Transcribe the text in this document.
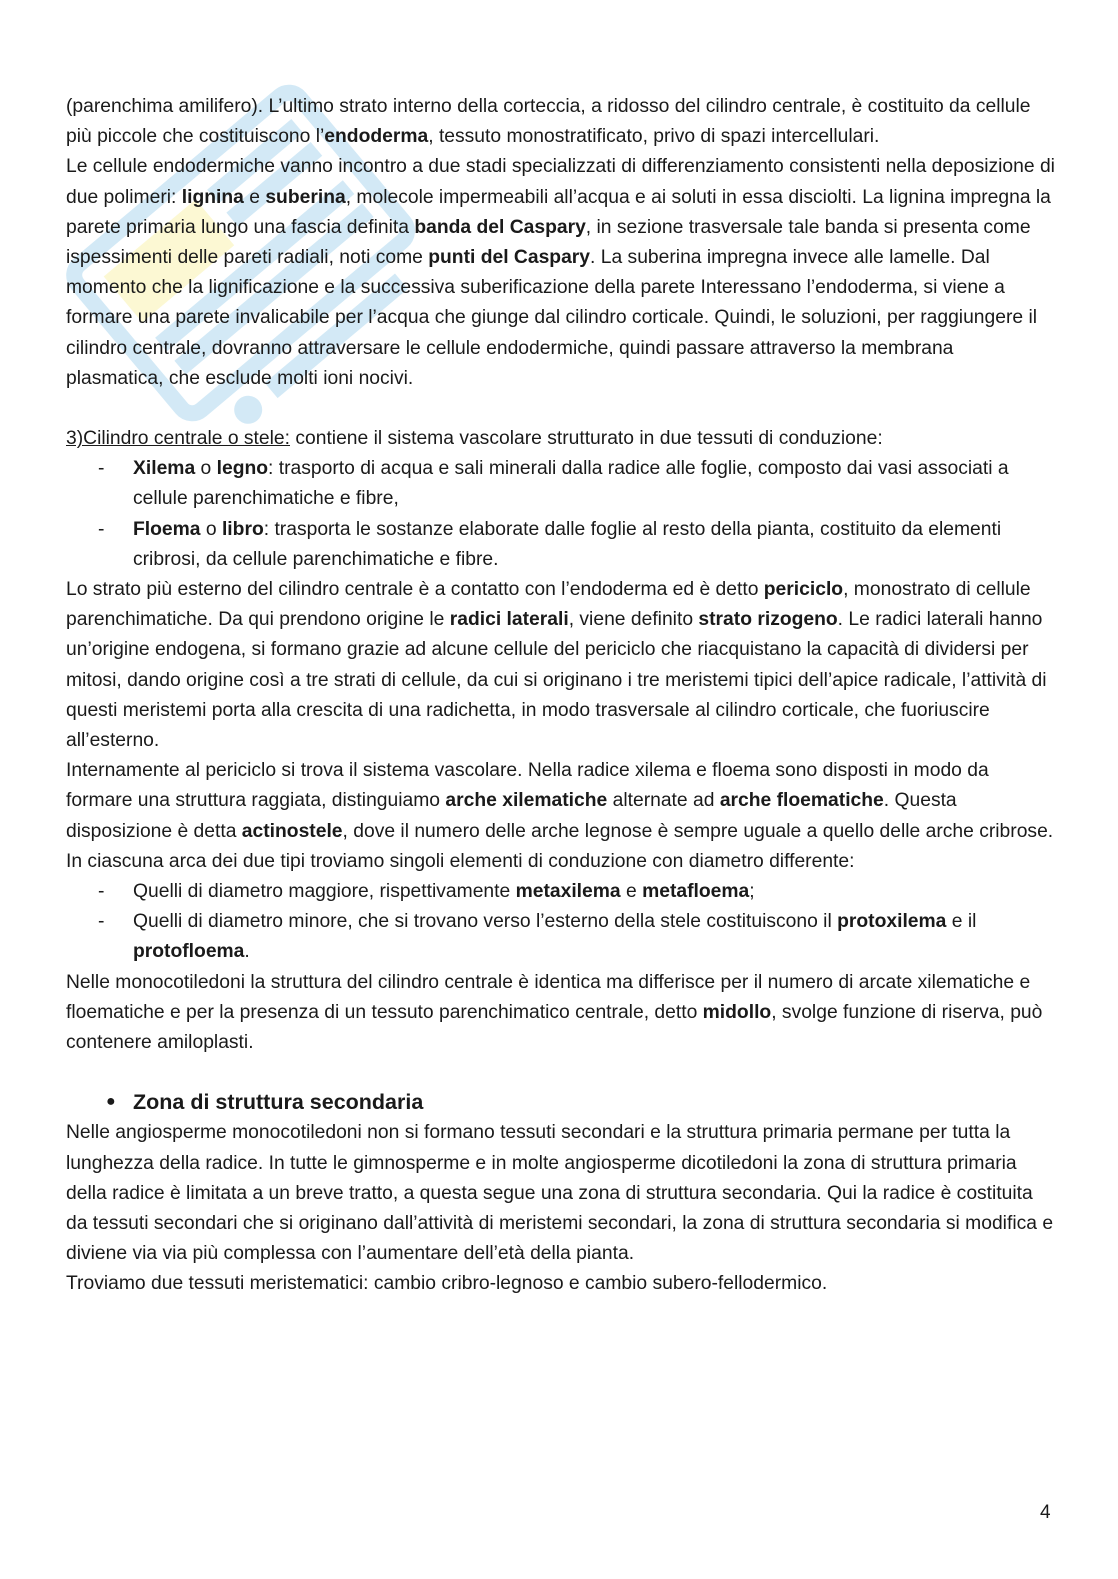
(parenchima amilifero). L’ultimo strato interno della corteccia, a ridosso del cilindro centrale, è costituito da cellule più piccole che costituiscono l’endoderma, tessuto monostratificato, privo di spazi intercellulari.

Le cellule endodermiche vanno incontro a due stadi specializzati di differenziamento consistenti nella deposizione di due polimeri: lignina e suberina, molecole impermeabili all’acqua e ai soluti in essa disciolti. La lignina impregna la parete primaria lungo una fascia definita banda del Caspary, in sezione trasversale tale banda si presenta come ispessimenti delle pareti radiali, noti come punti del Caspary. La suberina impregna invece alle lamelle. Dal momento che la lignificazione e la successiva suberificazione della parete Interessano l’endoderma, si viene a formare una parete invalicabile per l’acqua che giunge dal cilindro corticale. Quindi, le soluzioni, per raggiungere il cilindro centrale, dovranno attraversare le cellule endodermiche, quindi passare attraverso la membrana plasmatica, che esclude molti ioni nocivi.

3)Cilindro centrale o stele: contiene il sistema vascolare strutturato in due tessuti di conduzione:

- Xilema o legno: trasporto di acqua e sali minerali dalla radice alle foglie, composto dai vasi associati a cellule parenchimatiche e fibre,
- Floema o libro: trasporta le sostanze elaborate dalle foglie al resto della pianta, costituito da elementi cribrosi, da cellule parenchimatiche e fibre.

Lo strato più esterno del cilindro centrale è a contatto con l’endoderma ed è detto periciclo, monostrato di cellule parenchimatiche. Da qui prendono origine le radici laterali, viene definito strato rizogeno. Le radici laterali hanno un’origine endogena, si formano grazie ad alcune cellule del periciclo che riacquistano la capacità di dividersi per mitosi, dando origine così a tre strati di cellule, da cui si originano i tre meristemi tipici dell’apice radicale, l’attività di questi meristemi porta alla crescita di una radichetta, in modo trasversale al cilindro corticale, che fuoriuscire all’esterno.

Internamente al periciclo si trova il sistema vascolare. Nella radice xilema e floema sono disposti in modo da formare una struttura raggiata, distinguiamo arche xilematiche alternate ad arche floematiche. Questa disposizione è detta actinostele, dove il numero delle arche legnose è sempre uguale a quello delle arche cribrose.

In ciascuna arca dei due tipi troviamo singoli elementi di conduzione con diametro differente:

- Quelli di diametro maggiore, rispettivamente metaxilema e metafloema;
- Quelli di diametro minore, che si trovano verso l’esterno della stele costituiscono il protoxilema e il protofloema.

Nelle monocotiledoni la struttura del cilindro centrale è identica ma differisce per il numero di arcate xilematiche e floematiche e per la presenza di un tessuto parenchimatico centrale, detto midollo, svolge funzione di riserva, può contenere amiloplasti.

● Zona di struttura secondaria

Nelle angiosperme monocotiledoni non si formano tessuti secondari e la struttura primaria permane per tutta la lunghezza della radice. In tutte le gimnosperme e in molte angiosperme dicotiledoni la zona di struttura primaria della radice è limitata a un breve tratto, a questa segue una zona di struttura secondaria. Qui la radice è costituita da tessuti secondari che si originano dall’attività di meristemi secondari, la zona di struttura secondaria si modifica e diviene via via più complessa con l’aumentare dell’età della pianta.

Troviamo due tessuti meristematici: cambio cribro-legnoso e cambio subero-fellodermico.

4
